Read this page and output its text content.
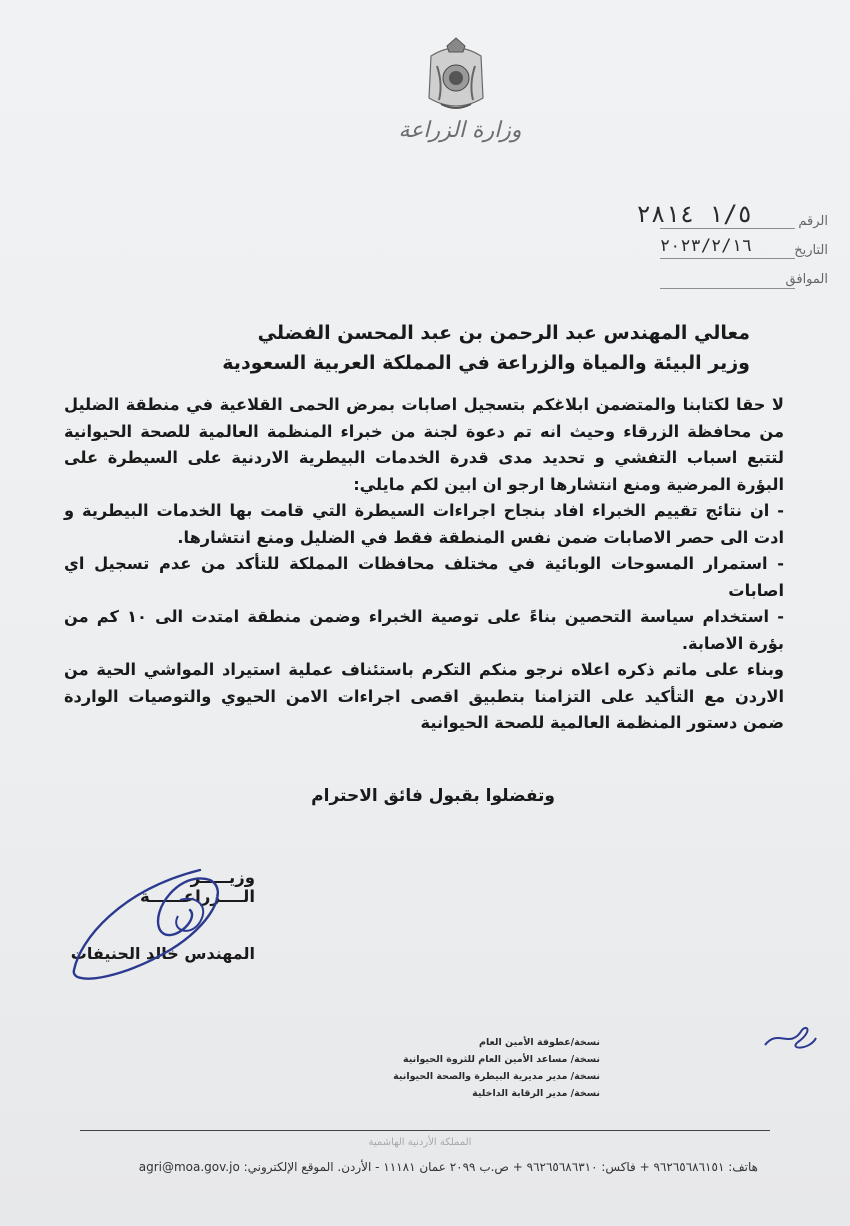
وزارة الزراعة
الرقم
١/٥ ٢٨١٤
التاريخ
٢٠٢٣/٢/١٦
الموافق
معالي المهندس عبد الرحمن بن عبد المحسن الفضلي
وزير البيئة والمياة والزراعة في المملكة العربية السعودية

لا حقا لكتابنا والمتضمن ابلاغكم بتسجيل اصابات بمرض الحمى القلاعية في منطقة الضليل من محافظة الزرقاء وحيث انه تم دعوة لجنة من خبراء المنظمة العالمية للصحة الحيوانية لتتبع اسباب التفشي و تحديد مدى قدرة الخدمات البيطرية الاردنية على السيطرة على البؤرة المرضية ومنع انتشارها ارجو ان ابين لكم مايلي:

- ان نتائج تقييم الخبراء افاد بنجاح اجراءات السيطرة التي قامت بها الخدمات البيطرية و ادت الى حصر الاصابات ضمن نفس المنطقة فقط في الضليل ومنع انتشارها.

- استمرار المسوحات الوبائية في مختلف محافظات المملكة للتأكد من عدم تسجيل اي اصابات

- استخدام سياسة التحصين بناءً على توصية الخبراء وضمن منطقة امتدت الى ١٠ كم من بؤرة الاصابة.

وبناء على ماتم ذكره اعلاه نرجو منكم التكرم باستئناف عملية استيراد المواشي الحية من الاردن مع التأكيد على التزامنا بتطبيق اقصى اجراءات الامن الحيوي والتوصيات الواردة ضمن دستور المنظمة العالمية للصحة الحيوانية

وتفضلوا بقبول فائق الاحترام
وزيـــــر الــــزراعــــــة
المهندس خالد الحنيفات
نسخة/عطوفة الأمين العام
نسخة/ مساعد الأمين العام للثروة الحيوانية
نسخة/ مدير مديرية البيطرة والصحة الحيوانية
نسخة/ مدير الرقابة الداخلية
المملكة الأردنية الهاشمية
هاتف: ٩٦٢٦٥٦٨٦١٥١ + فاكس: ٩٦٢٦٥٦٨٦٣١٠ + ص.ب ٢٠٩٩ عمان ١١١٨١ - الأردن. الموقع الإلكتروني: agri@moa.gov.jo
